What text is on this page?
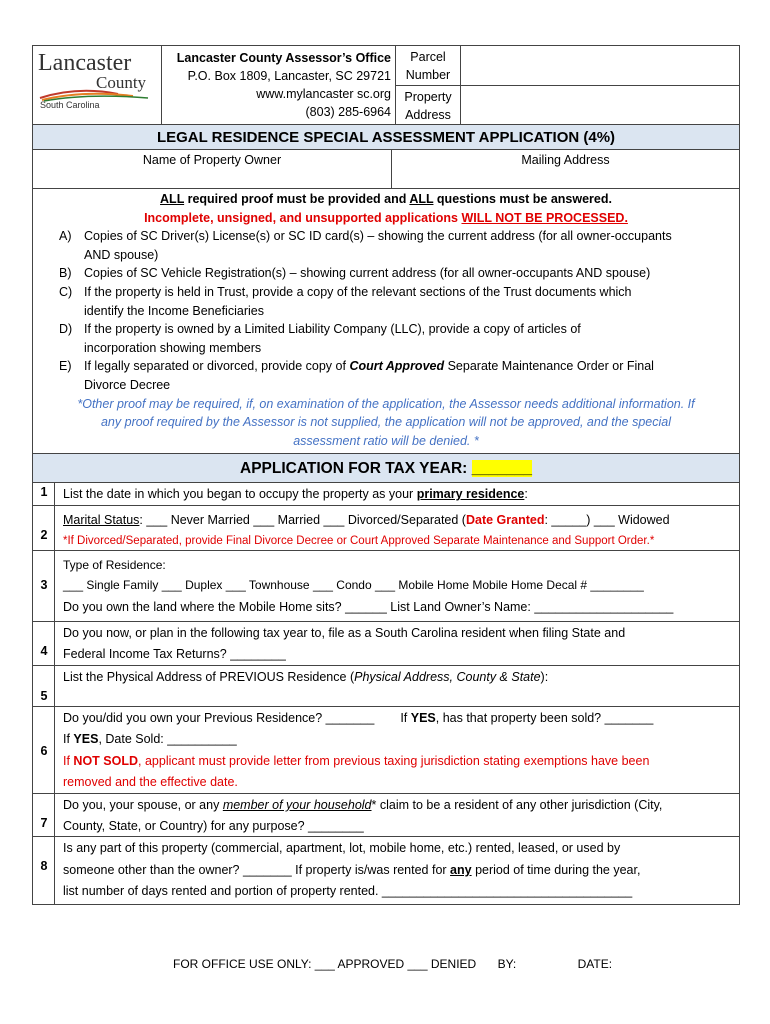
Lancaster
County
South Carolina
Lancaster County Assessor’s Office
P.O. Box 1809, Lancaster, SC 29721
www.mylancaster sc.org
(803) 285-6964
Parcel
Number
Property
Address
LEGAL RESIDENCE SPECIAL ASSESSMENT APPLICATION (4%)
Name of Property Owner	Mailing Address
ALL required proof must be provided and ALL questions must be answered.
Incomplete, unsigned, and unsupported applications WILL NOT BE PROCESSED.
A) Copies of SC Driver(s) License(s) or SC ID card(s) – showing the current address (for all owner-occupants
AND spouse)
B) Copies of SC Vehicle Registration(s) – showing current address (for all owner-occupants AND spouse)
C) If the property is held in Trust, provide a copy of the relevant sections of the Trust documents which
identify the Income Beneficiaries
D) If the property is owned by a Limited Liability Company (LLC), provide a copy of articles of
incorporation showing members
E) If legally separated or divorced, provide copy of Court Approved Separate Maintenance Order or Final
Divorce Decree
*Other proof may be required, if, on examination of the application, the Assessor needs additional information. If
any proof required by the Assessor is not supplied, the application will not be approved, and the special
assessment ratio will be denied. *
APPLICATION FOR TAX YEAR: _______
1	List the date in which you began to occupy the property as your primary residence:
2
Marital Status: ___ Never Married ___ Married ___ Divorced/Separated (Date Granted: _____) ___ Widowed
*If Divorced/Separated, provide Final Divorce Decree or Court Approved Separate Maintenance and Support Order.*
3
Type of Residence:
___ Single Family ___ Duplex ___ Townhouse ___ Condo ___ Mobile Home Mobile Home Decal # ________
Do you own the land where the Mobile Home sits? ______ List Land Owner’s Name: ____________________
4
Do you now, or plan in the following tax year to, file as a South Carolina resident when filing State and
Federal Income Tax Returns? ________
5
List the Physical Address of PREVIOUS Residence (Physical Address, County & State):
6
Do you/did you own your Previous Residence? _______ If YES, has that property been sold? _______
If YES, Date Sold: __________
If NOT SOLD, applicant must provide letter from previous taxing jurisdiction stating exemptions have been
removed and the effective date.
7
Do you, your spouse, or any member of your household* claim to be a resident of any other jurisdiction (City,
County, State, or Country) for any purpose? ________
8
Is any part of this property (commercial, apartment, lot, mobile home, etc.) rented, leased, or used by
someone other than the owner? _______ If property is/was rented for any period of time during the year,
list number of days rented and portion of property rented. ____________________________________
FOR OFFICE USE ONLY: ___ APPROVED ___ DENIED BY:	DATE:
